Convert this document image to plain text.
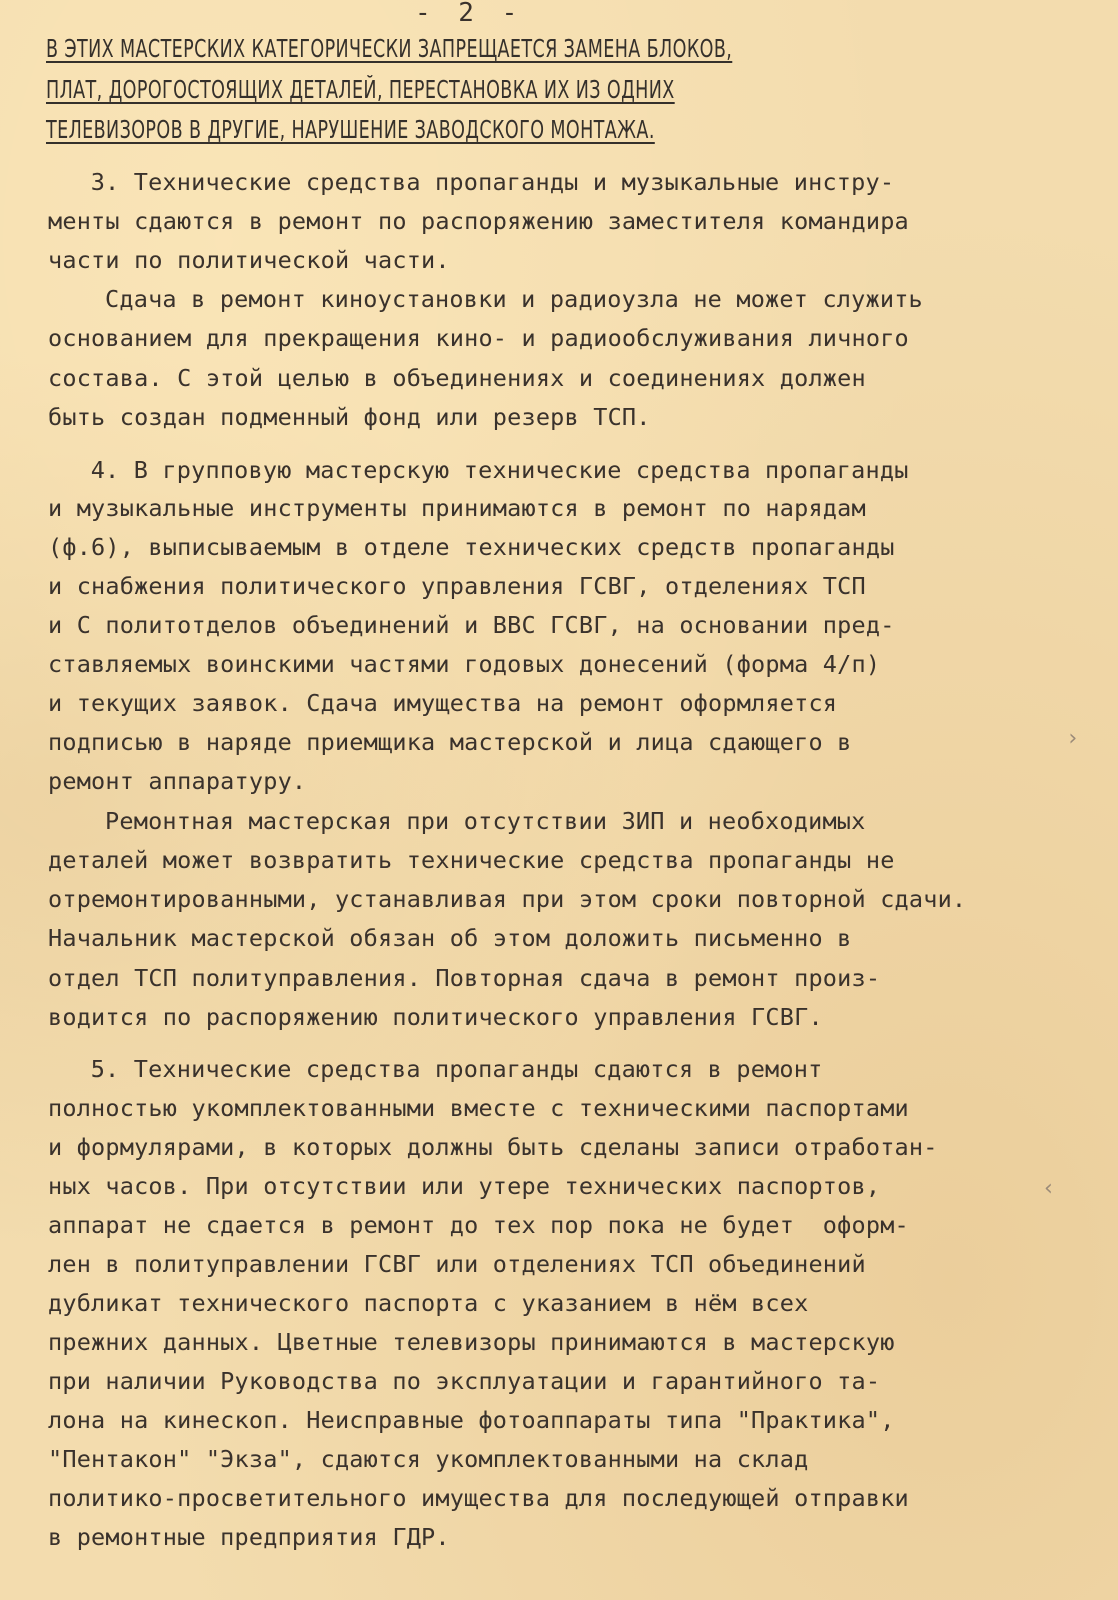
- 2 -
В ЭТИХ МАСТЕРСКИХ КАТЕГОРИЧЕСКИ ЗАПРЕЩАЕТСЯ ЗАМЕНА БЛОКОВ,
ПЛАТ, ДОРОГОСТОЯЩИХ ДЕТАЛЕЙ, ПЕРЕСТАНОВКА ИХ ИЗ ОДНИХ
ТЕЛЕВИЗОРОВ В ДРУГИЕ, НАРУШЕНИЕ ЗАВОДСКОГО МОНТАЖА.
3. Технические средства пропаганды и музыкальные инстру-
менты сдаются в ремонт по распоряжению заместителя командира
части по политической части.
Сдача в ремонт киноустановки и радиоузла не может служить
основанием для прекращения кино- и радиообслуживания личного
состава. С этой целью в объединениях и соединениях должен
быть создан подменный фонд или резерв ТСП.
4. В групповую мастерскую технические средства пропаганды
и музыкальные инструменты принимаются в ремонт по нарядам
(ф.6), выписываемым в отделе технических средств пропаганды
и снабжения политического управления ГСВГ, отделениях ТСП
и С политотделов объединений и ВВС ГСВГ, на основании пред-
ставляемых воинскими частями годовых донесений (форма 4/п)
и текущих заявок. Сдача имущества на ремонт оформляется
подписью в наряде приемщика мастерской и лица сдающего в
ремонт аппаратуру.
Ремонтная мастерская при отсутствии ЗИП и необходимых
деталей может возвратить технические средства пропаганды не
отремонтированными, устанавливая при этом сроки повторной сдачи.
Начальник мастерской обязан об этом доложить письменно в
отдел ТСП политуправления. Повторная сдача в ремонт произ-
водится по распоряжению политического управления ГСВГ.
5. Технические средства пропаганды сдаются в ремонт
полностью укомплектованными вместе с техническими паспортами
и формулярами, в которых должны быть сделаны записи отработан-
ных часов. При отсутствии или утере технических паспортов,
аппарат не сдается в ремонт до тех пор пока не будет  оформ-
лен в политуправлении ГСВГ или отделениях ТСП объединений
дубликат технического паспорта с указанием в нём всех
прежних данных. Цветные телевизоры принимаются в мастерскую
при наличии Руководства по эксплуатации и гарантийного та-
лона на кинескоп. Неисправные фотоаппараты типа "Практика",
"Пентакон" "Экза", сдаются укомплектованными на склад
политико-просветительного имущества для последующей отправки
в ремонтные предприятия ГДР.
›
‹
